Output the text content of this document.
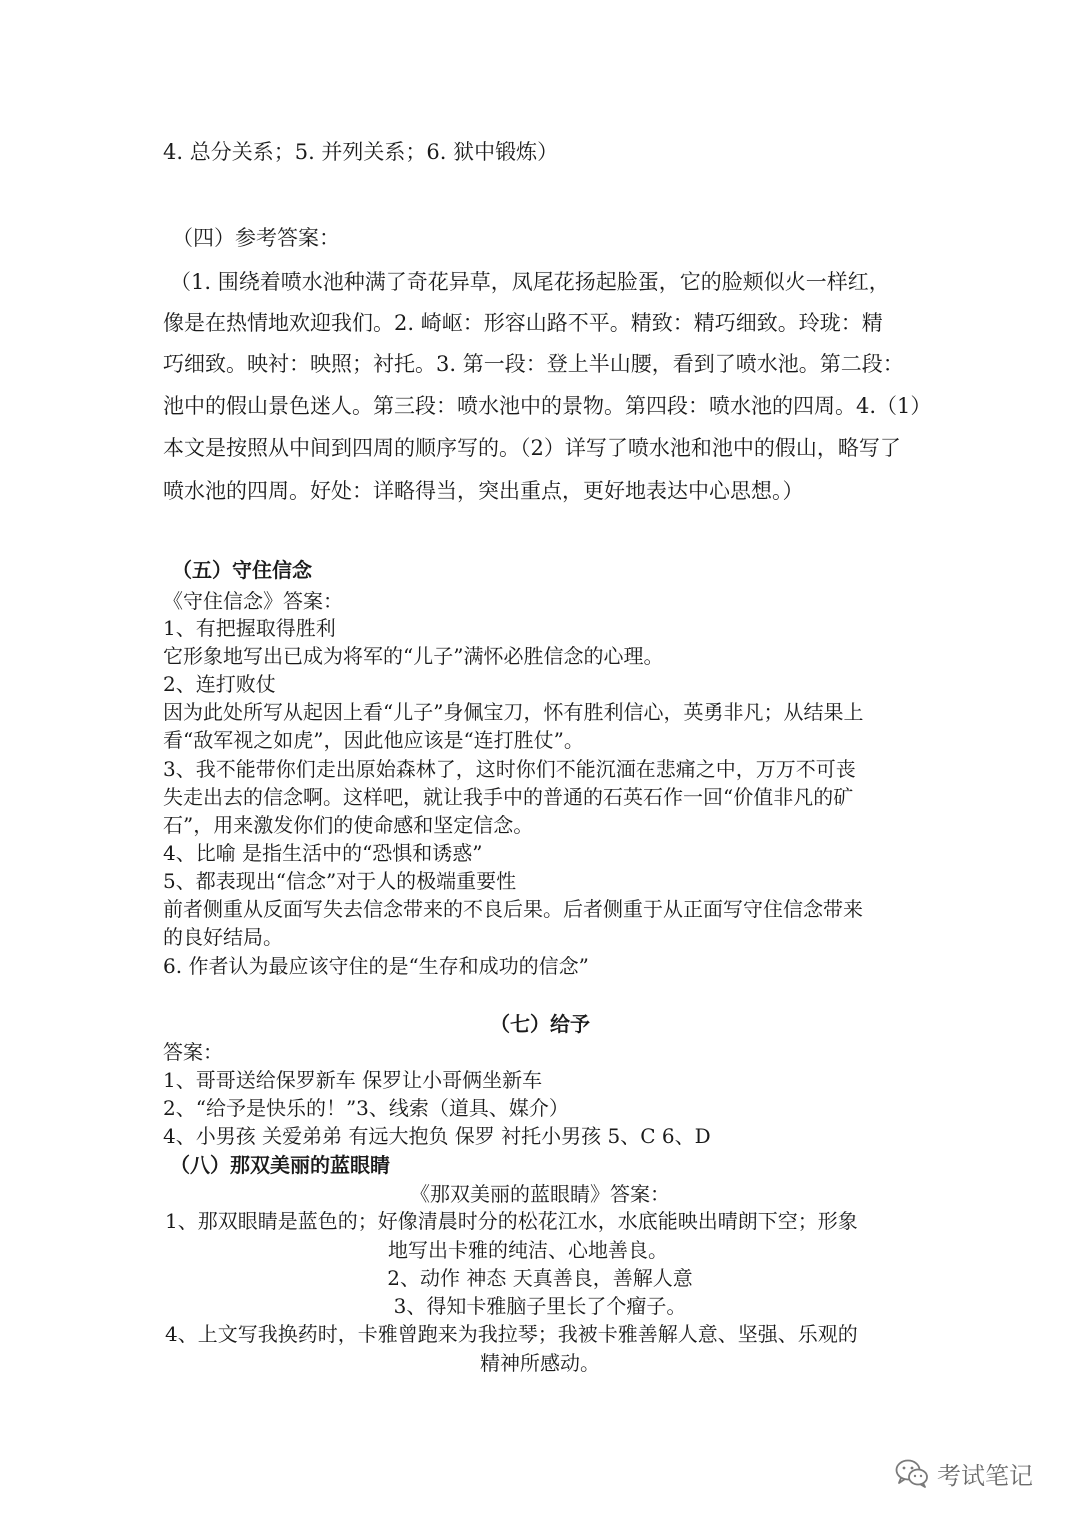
4. 总分关系；5. 并列关系；6. 狱中锻炼）
（四）参考答案：
（1. 围绕着喷水池种满了奇花异草，凤尾花扬起脸蛋，它的脸颊似火一样红，
像是在热情地欢迎我们。2. 崎岖：形容山路不平。精致：精巧细致。玲珑：精
巧细致。映衬：映照；衬托。3. 第一段：登上半山腰，看到了喷水池。第二段：
池中的假山景色迷人。第三段：喷水池中的景物。第四段：喷水池的四周。4.（1）
本文是按照从中间到四周的顺序写的。（2）详写了喷水池和池中的假山，略写了
喷水池的四周。好处：详略得当，突出重点，更好地表达中心思想。）
（五）守住信念
《守住信念》答案：
1、有把握取得胜利
它形象地写出已成为将军的“儿子”满怀必胜信念的心理。
2、连打败仗
因为此处所写从起因上看“儿子”身佩宝刀，怀有胜利信心，英勇非凡；从结果上
看“敌军视之如虎”，因此他应该是“连打胜仗”。
3、我不能带你们走出原始森林了，这时你们不能沉湎在悲痛之中，万万不可丧
失走出去的信念啊。这样吧，就让我手中的普通的石英石作一回“价值非凡的矿
石”，用来激发你们的使命感和坚定信念。
4、比喻 是指生活中的“恐惧和诱惑”
5、都表现出“信念”对于人的极端重要性
前者侧重从反面写失去信念带来的不良后果。后者侧重于从正面写守住信念带来
的良好结局。
6. 作者认为最应该守住的是“生存和成功的信念”
（七）给予
答案：
1、哥哥送给保罗新车 保罗让小哥俩坐新车
2、“给予是快乐的！”3、线索（道具、媒介）
4、小男孩 关爱弟弟 有远大抱负 保罗 衬托小男孩 5、C 6、D
（八）那双美丽的蓝眼睛
《那双美丽的蓝眼睛》答案：
1、那双眼睛是蓝色的；好像清晨时分的松花江水，水底能映出晴朗下空；形象
地写出卡雅的纯洁、心地善良。
2、动作 神态 天真善良，善解人意
3、得知卡雅脑子里长了个瘤子。
4、上文写我换药时，卡雅曾跑来为我拉琴；我被卡雅善解人意、坚强、乐观的
精神所感动。
考试笔记
